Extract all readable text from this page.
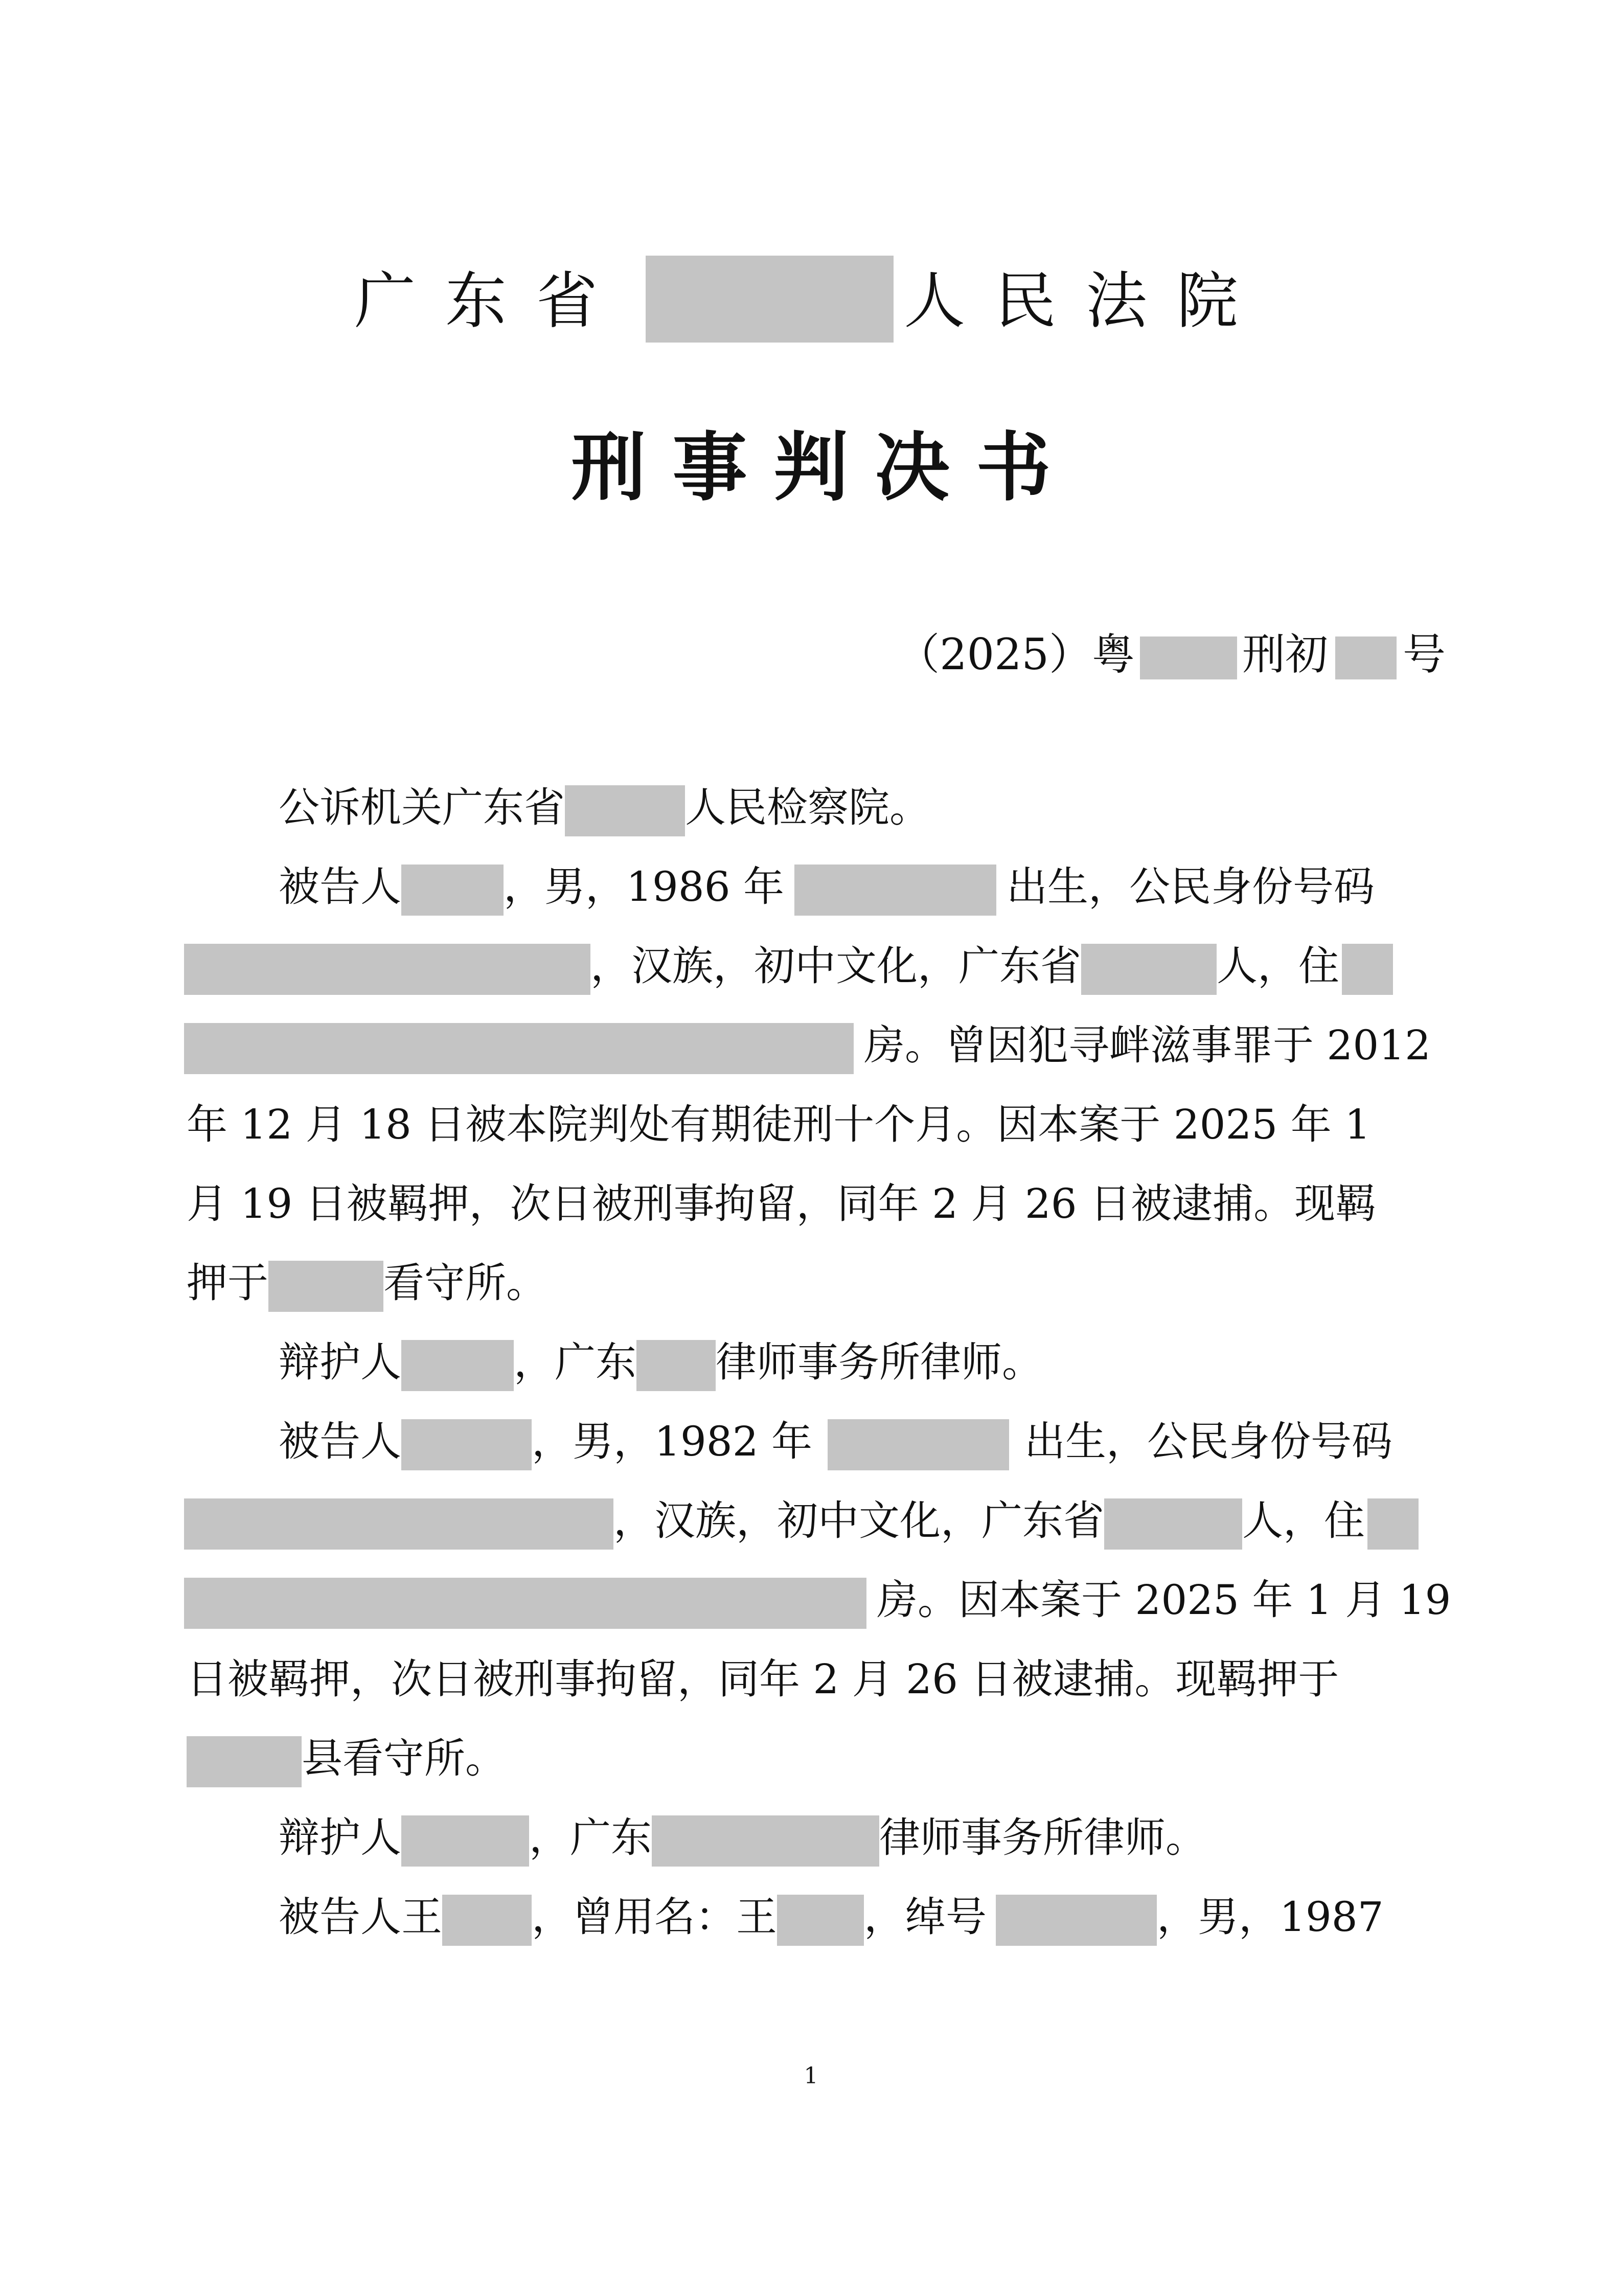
广东省	人民法院
刑事判决书
（2025）粤	刑初 号
公诉机关广东省	人民检察院。
被告人	，男，1986 年	出生，公民身份号码
，汉族，初中文化，广东省	人，住
房。曾因犯寻衅滋事罪于 2012
年 12 月 18 日被本院判处有期徒刑十个月。因本案于 2025 年 1
月 19 日被羁押，次日被刑事拘留，同年 2 月 26 日被逮捕。现羁
押于	看守所。
辩护人	，广东 律师事务所律师。
被告人	，男，1982 年	出生，公民身份号码
，汉族，初中文化，广东省	人，住
房。因本案于 2025 年 1 月 19
日被羁押，次日被刑事拘留，同年 2 月 26 日被逮捕。现羁押于
县看守所。
辩护人	，广东	律师事务所律师。
被告人王 ，曾用名：王 ，绰号	，男，1987
1
